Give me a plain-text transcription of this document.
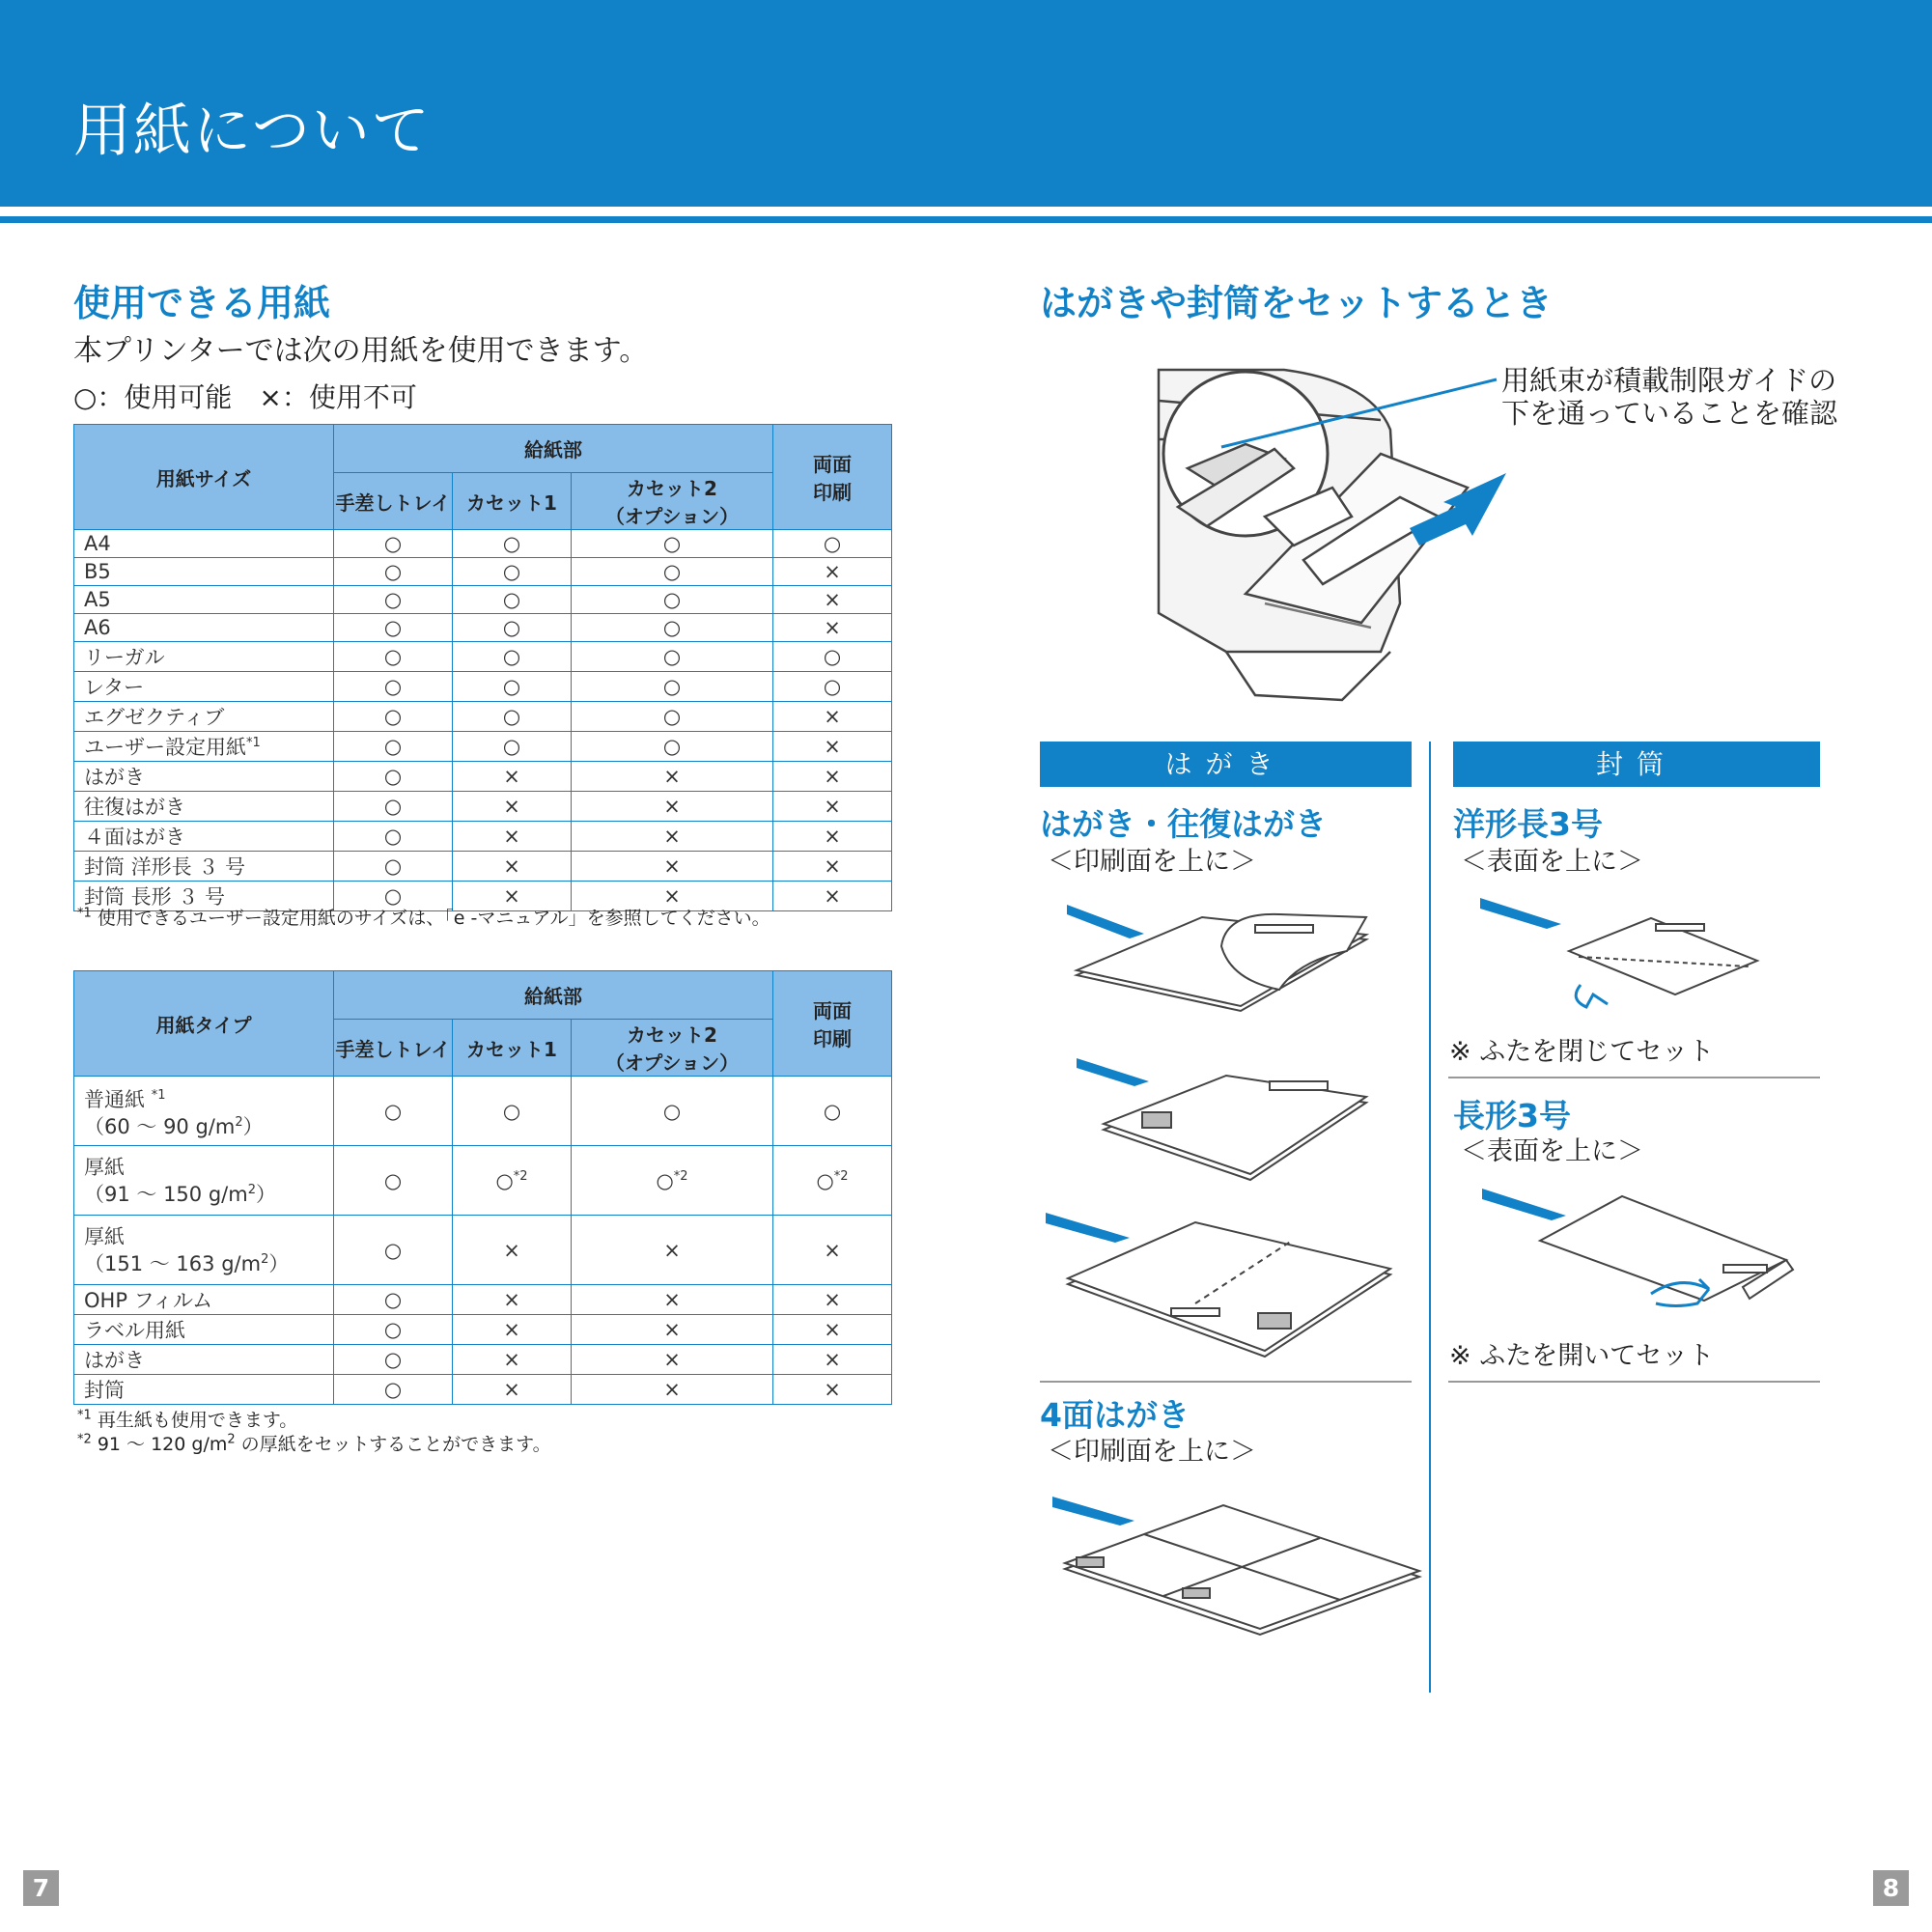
用紙について
使用できる用紙
本プリンターでは次の用紙を使用できます。
○：使用可能　×：使用不可
用紙サイズ	給紙部			両面
印刷
	手差しトレイ	カセット1	カセット2
（オプション）	
A4	○	○	○	○
B5	○	○	○	×
A5	○	○	○	×
A6	○	○	○	×
リーガル	○	○	○	○
レター	○	○	○	○
エグゼクティブ	○	○	○	×
ユーザー設定用紙$^{*1}$	○	○	○	×
はがき	○	×	×	×
往復はがき	○	×	×	×
４面はがき	○	×	×	×
封筒 洋形長 ３ 号	○	×	×	×
封筒 長形 ３ 号	○	×	×	×
$^{*1}$ 使用できるユーザー設定用紙のサイズは、「e -マニュアル」を参照してください。
用紙タイプ	給紙部			両面
印刷
	手差しトレイ	カセット1	カセット2
（オプション）	
普通紙 $^{*1}$
（60 ～ 90 $g/m^2$）	○	○	○	○
厚紙
（91 ～ 150 $g/m^2$）	○	○$^{*2}$	○$^{*2}$	○$^{*2}$
厚紙
（151 ～ 163 $g/m^2$）	○	×	×	×
OHP フィルム	○	×	×	×
ラベル用紙	○	×	×	×
はがき	○	×	×	×
封筒	○	×	×	×
$^{*1}$ 再生紙も使用できます。
$^{*2}$ 91 ～ 120 $g/m^2$ の厚紙をセットすることができます。
はがきや封筒をセットするとき
用紙束が積載制限ガイドの
下を通っていることを確認
はがき
はがき・往復はがき
＜印刷面を上に＞
4面はがき
＜印刷面を上に＞
封筒
洋形長3号
＜表面を上に＞
※ ふたを閉じてセット
長形3号
＜表面を上に＞
※ ふたを開いてセット
7	8
